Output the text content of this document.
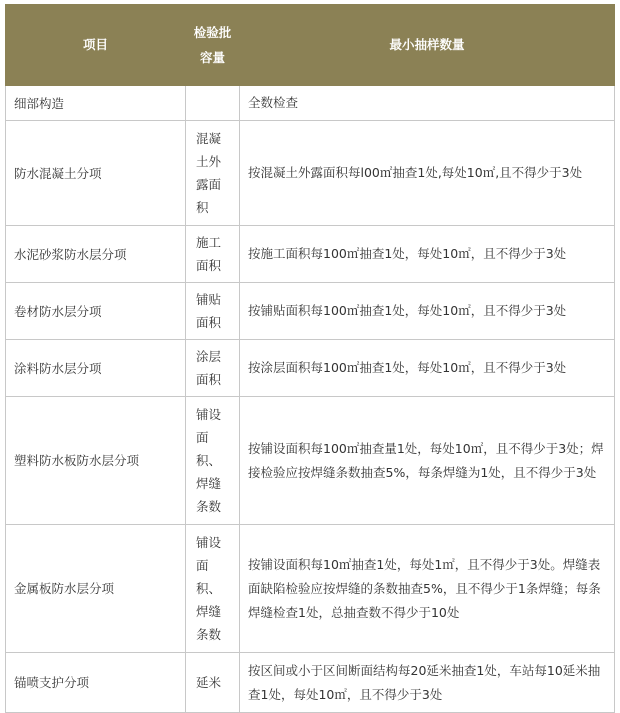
项目	检验批容量	最小抽样数量
细部构造		全数检查
防水混凝土分项	混凝土外露面积	按混凝土外露面积每l00㎡抽查1处,每处10㎡,且不得少于3处
水泥砂浆防水层分项	施工面积	按施工面积每100㎡抽查1处，每处10㎡，且不得少于3处
卷材防水层分项	铺贴面积	按铺贴面积每100㎡抽查1处，每处10㎡，且不得少于3处
涂料防水层分项	涂层面积	按涂层面积每100㎡抽查1处，每处10㎡，且不得少于3处
塑料防水板防水层分项	铺设面积、焊缝条数	按铺设面积每100㎡抽查量1处，每处10㎡，且不得少于3处；焊接检验应按焊缝条数抽查5%，每条焊缝为1处，且不得少于3处
金属板防水层分项	铺设面积、焊缝条数	按铺设面积每10㎡抽查1处，每处1㎡，且不得少于3处。焊缝表面缺陷检验应按焊缝的条数抽查5%，且不得少于1条焊缝；每条焊缝检查1处，总抽查数不得少于10处
锚喷支护分项	延米	按区间或小于区间断面结构每20延米抽查1处，车站每10延米抽查1处，每处10㎡，且不得少于3处
